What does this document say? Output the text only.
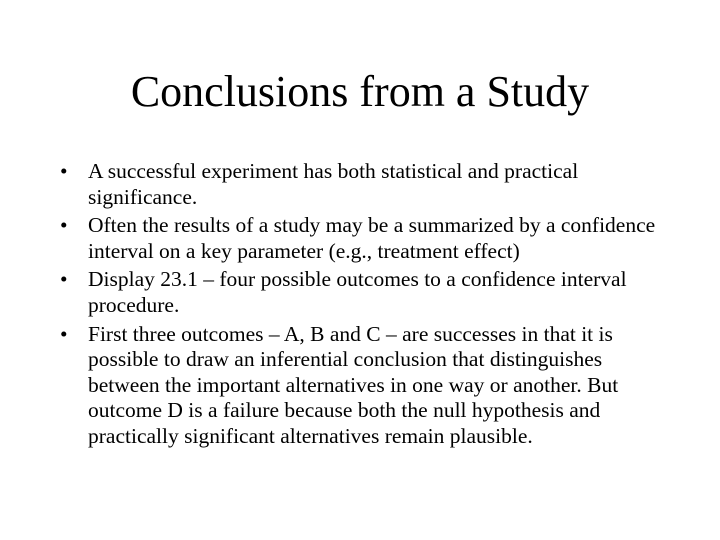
Conclusions from a Study
• A successful experiment has both statistical and practical significance.
• Often the results of a study may be a summarized by a confidence interval on a key parameter (e.g., treatment effect)
• Display 23.1 – four possible outcomes to a confidence interval procedure.
• First three outcomes – A, B and C – are successes in that it is possible to draw an inferential conclusion that distinguishes between the important alternatives in one way or another. But outcome D is a failure because both the null hypothesis and practically significant alternatives remain plausible.
